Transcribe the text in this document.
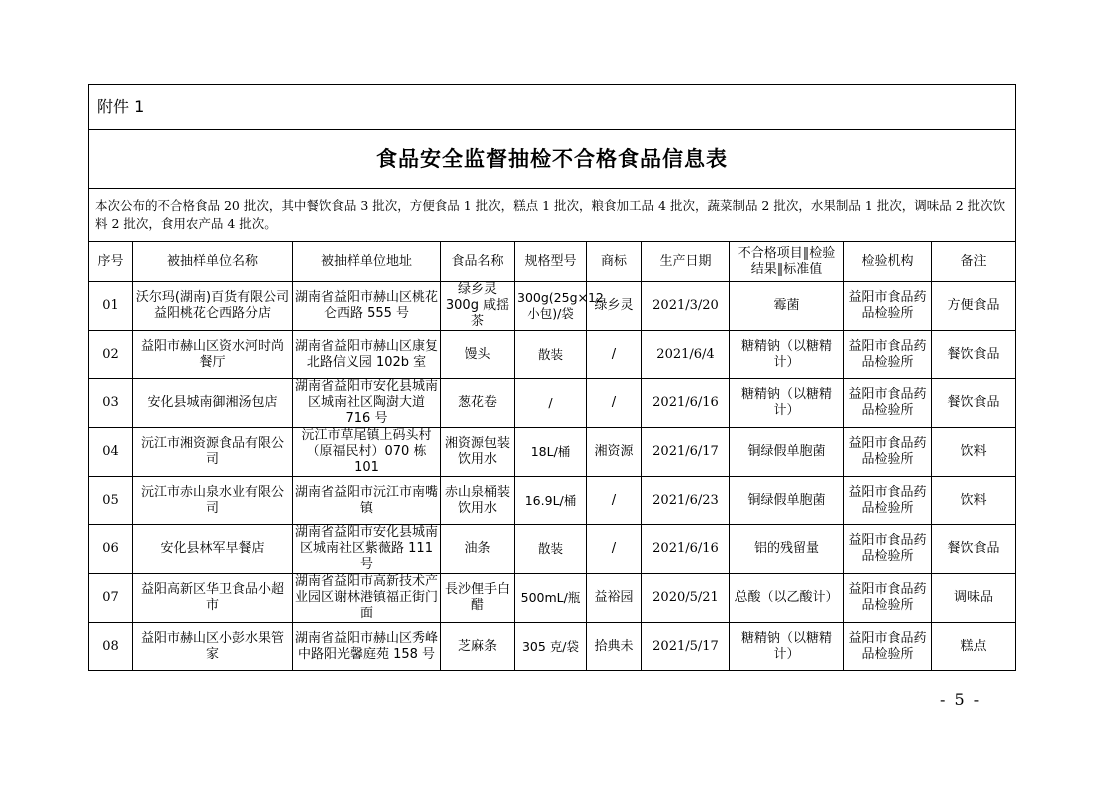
附件 1									
食品安全监督抽检不合格食品信息表									
本次公布的不合格食品 20 批次，其中餐饮食品 3 批次，方便食品 1 批次，糕点 1 批次，粮食加工品 4 批次，蔬菜制品 2 批次，水果制品 1 批次，调味品 2 批次饮料 2 批次，食用农产品 4 批次。									
序号	被抽样单位名称	被抽样单位地址	食品名称	规格型号	商标	生产日期	不合格项目‖检验结果‖标准值	检验机构	备注
01	沃尔玛(湖南)百货有限公司益阳桃花仑西路分店	湖南省益阳市赫山区桃花仑西路 555 号	绿乡灵 300g 咸揺茶	300g(25g×12 小包)/袋	绿乡灵	2021/3/20	霉菌	益阳市食品药品检验所	方便食品
02	益阳市赫山区资水河时尚餐厅	湖南省益阳市赫山区康复北路信义园 102b 室	馒头	散装	/	2021/6/4	糖精钠（以糖精计）	益阳市食品药品检验所	餐饮食品
03	安化县城南御湘汤包店	湖南省益阳市安化县城南区城南社区陶澍大道 716 号	葱花卷	/	/	2021/6/16	糖精钠（以糖精计）	益阳市食品药品检验所	餐饮食品
04	沅江市湘资源食品有限公司	沅江市草尾镇上码头村（原福民村）070 栋 101	湘资源包装饮用水	18L/桶	湘资源	2021/6/17	铜绿假单胞菌	益阳市食品药品检验所	饮料
05	沅江市赤山泉水业有限公司	湖南省益阳市沅江市南嘴镇	赤山泉桶装饮用水	16.9L/桶	/	2021/6/23	铜绿假单胞菌	益阳市食品药品检验所	饮料
06	安化县林军早餐店	湖南省益阳市安化县城南区城南社区紫薇路 111 号	油条	散装	/	2021/6/16	铝的残留量	益阳市食品药品检验所	餐饮食品
07	益阳高新区华卫食品小超市	湖南省益阳市高新技术产业园区谢林港镇福正街门面	長沙俚手白醋	500mL/瓶	益裕园	2020/5/21	总酸（以乙酸计）	益阳市食品药品检验所	调味品
08	益阳市赫山区小彭水果管家	湖南省益阳市赫山区秀峰中路阳光馨庭苑 158 号	芝麻条	305 克/袋	拾典未	2021/5/17	糖精钠（以糖精计）	益阳市食品药品检验所	糕点
- 5 -
